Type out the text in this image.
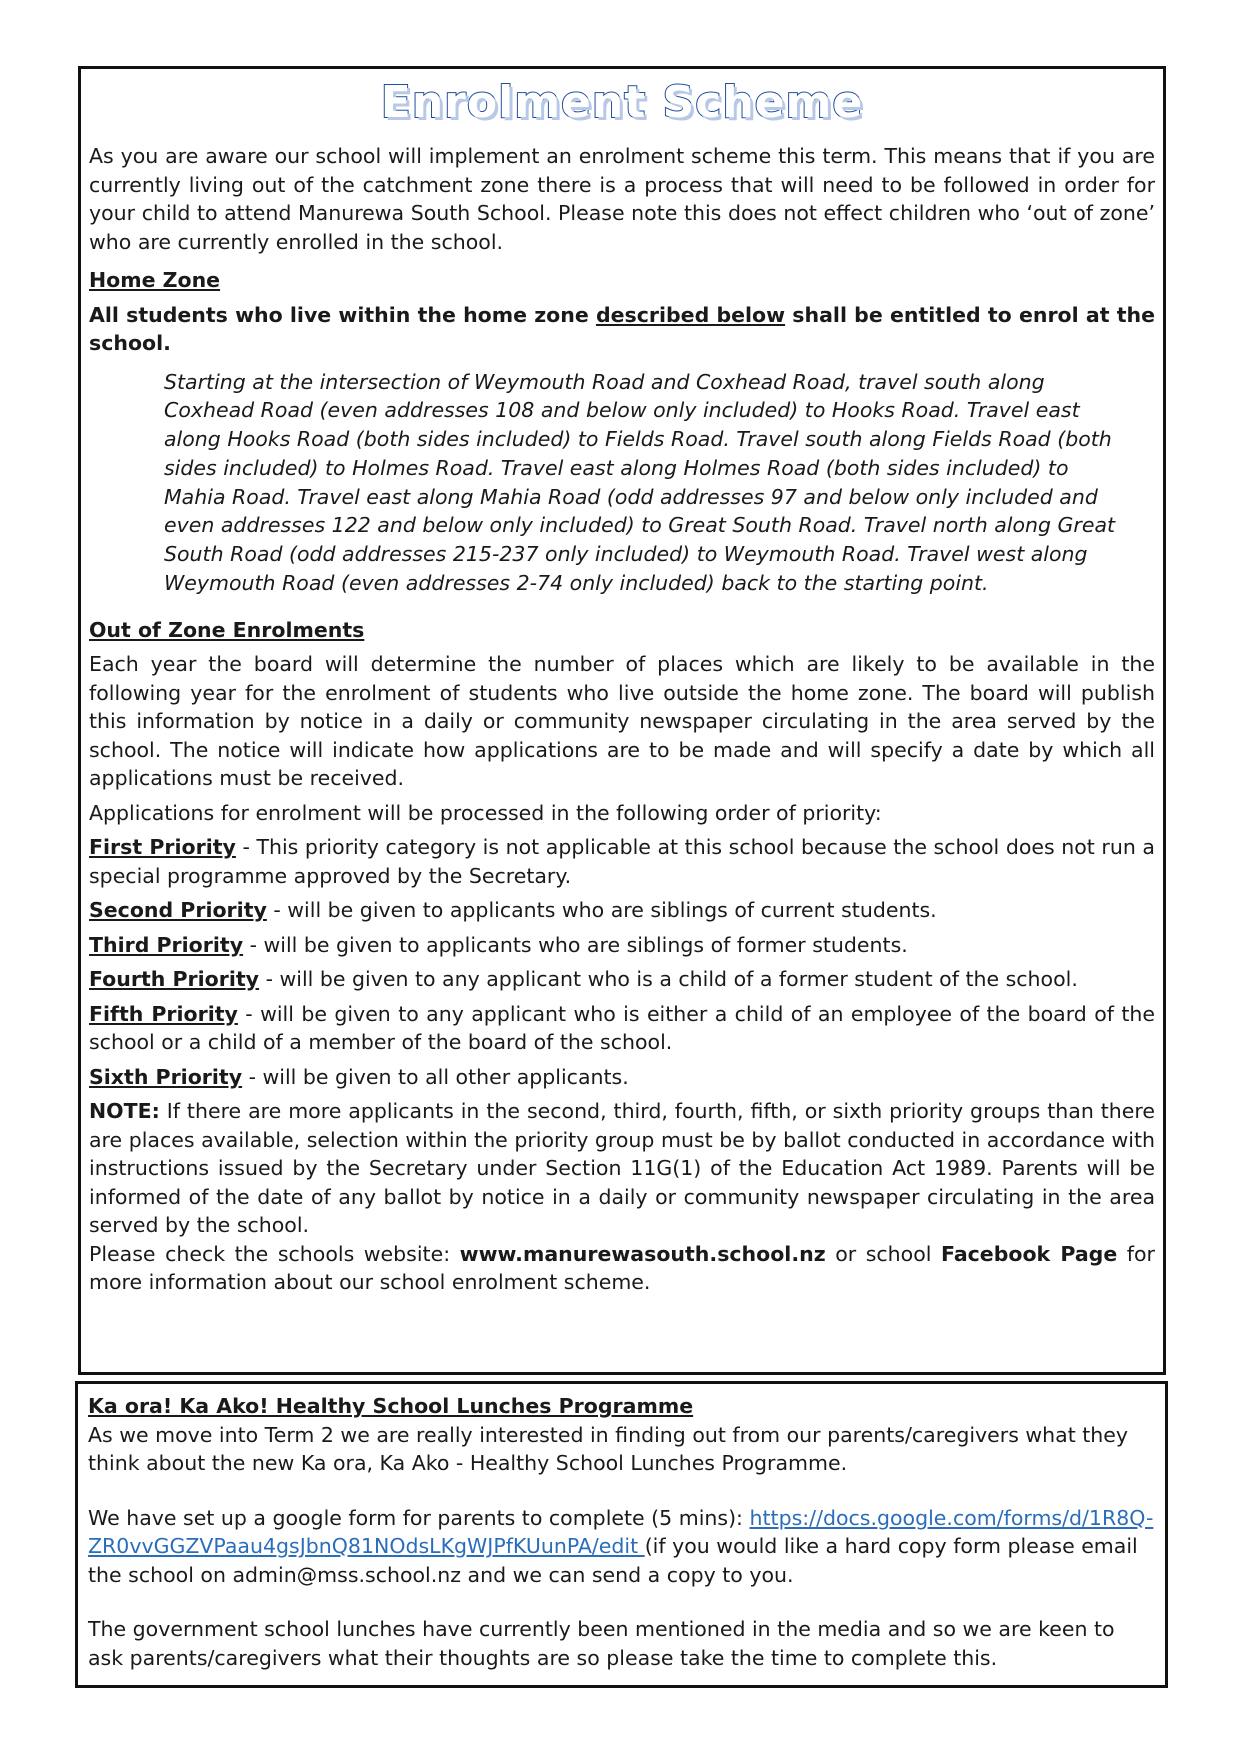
Enrolment Scheme

As you are aware our school will implement an enrolment scheme this term. This means that if you are currently living out of the catchment zone there is a process that will need to be followed in order for your child to attend Manurewa South School. Please note this does not effect children who ‘out of zone’ who are currently enrolled in the school.

Home Zone

All students who live within the home zone described below shall be entitled to enrol at the school.

Starting at the intersection of Weymouth Road and Coxhead Road, travel south along Coxhead Road (even addresses 108 and below only included) to Hooks Road. Travel east along Hooks Road (both sides included) to Fields Road. Travel south along Fields Road (both sides included) to Holmes Road. Travel east along Holmes Road (both sides included) to Mahia Road. Travel east along Mahia Road (odd addresses 97 and below only included and even addresses 122 and below only included) to Great South Road. Travel north along Great South Road (odd addresses 215-237 only included) to Weymouth Road. Travel west along Weymouth Road (even addresses 2-74 only included) back to the starting point.

Out of Zone Enrolments

Each year the board will determine the number of places which are likely to be available in the following year for the enrolment of students who live outside the home zone. The board will publish this information by notice in a daily or community newspaper circulating in the area served by the school. The notice will indicate how applications are to be made and will specify a date by which all applications must be received.

Applications for enrolment will be processed in the following order of priority:

First Priority - This priority category is not applicable at this school because the school does not run a special programme approved by the Secretary.

Second Priority - will be given to applicants who are siblings of current students.

Third Priority - will be given to applicants who are siblings of former students.

Fourth Priority - will be given to any applicant who is a child of a former student of the school.

Fifth Priority - will be given to any applicant who is either a child of an employee of the board of the school or a child of a member of the board of the school.

Sixth Priority - will be given to all other applicants.

NOTE: If there are more applicants in the second, third, fourth, fifth, or sixth priority groups than there are places available, selection within the priority group must be by ballot conducted in accordance with instructions issued by the Secretary under Section 11G(1) of the Education Act 1989. Parents will be informed of the date of any ballot by notice in a daily or community newspaper circulating in the area served by the school.

Please check the schools website: www.manurewasouth.school.nz or school Facebook Page for more information about our school enrolment scheme.

Ka ora! Ka Ako! Healthy School Lunches Programme

As we move into Term 2 we are really interested in finding out from our parents/caregivers what they think about the new Ka ora, Ka Ako - Healthy School Lunches Programme.

We have set up a google form for parents to complete (5 mins): https://docs.google.com/forms/d/1R8Q-ZR0vvGGZVPaau4gsJbnQ81NOdsLKgWJPfKUunPA/edit (if you would like a hard copy form please email the school on admin@mss.school.nz and we can send a copy to you.

The government school lunches have currently been mentioned in the media and so we are keen to ask parents/caregivers what their thoughts are so please take the time to complete this.
